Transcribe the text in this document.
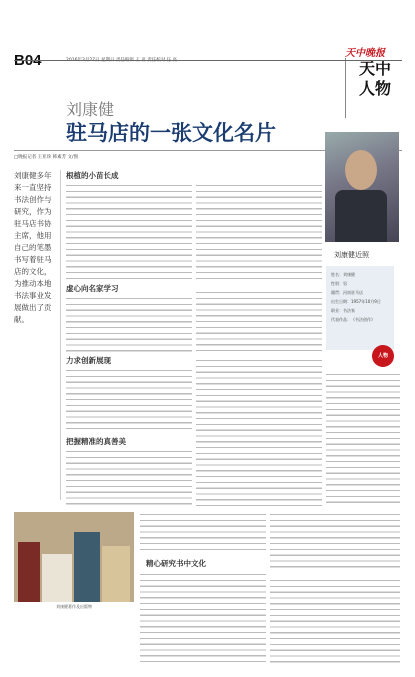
B04	2016年3月27日 星期日 责任编辑 王 亚 责任校对 任 亮
天中晚报
天中人物
刘康健
驻马店的一张文化名片
□晚报记者 王亚珍 韩素芳 文/图
刘康健多年来一直坚持书法创作与研究，作为驻马店书协主席，他用自己的笔墨书写着驻马店的文化，为推动本地书法事业发展做出了贡献。
根植的小苗长成
虚心向名家学习
力求创新展现
把握精准的真善美
精心研究书中文化
刘康健近照
姓名：刘康健
性别：男
籍贯：河南驻马店
出生日期：1957年10月9日
职业：书法家
代表作品：《书法创作》
人物
刘康健著作及出版物
